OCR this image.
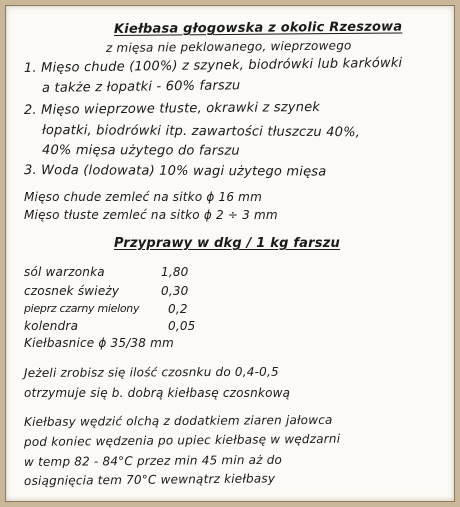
Kiełbasa głogowska z okolic Rzeszowa
z mięsa nie peklowanego, wieprzowego
1. Mięso chude (100%) z szynek, biodrówki lub karkówki
a także z łopatki - 60% farszu
2. Mięso wieprzowe tłuste, okrawki z szynek
łopatki, biodrówki itp. zawartości tłuszczu 40%,
40% mięsa użytego do farszu
3. Woda (lodowata) 10% wagi użytego mięsa
Mięso chude zemleć na sitko ϕ 16 mm
Mięso tłuste zemleć na sitko ϕ 2 ÷ 3 mm
Przyprawy w dkg / 1 kg farszu
sól warzonka	1,80
czosnek świeży	0,30
pieprz czarny mielony 0,2
kolendra	0,05
Kiełbasnice ϕ 35/38 mm
Jeżeli zrobisz się ilość czosnku do 0,4-0,5
otrzymuje się b. dobrą kiełbasę czosnkową
Kiełbasy wędzić olchą z dodatkiem ziaren jałowca
pod koniec wędzenia po upiec kiełbasę w wędzarni
w temp 82 - 84°C przez min 45 min aż do
osiągnięcia tem 70°C wewnątrz kiełbasy
